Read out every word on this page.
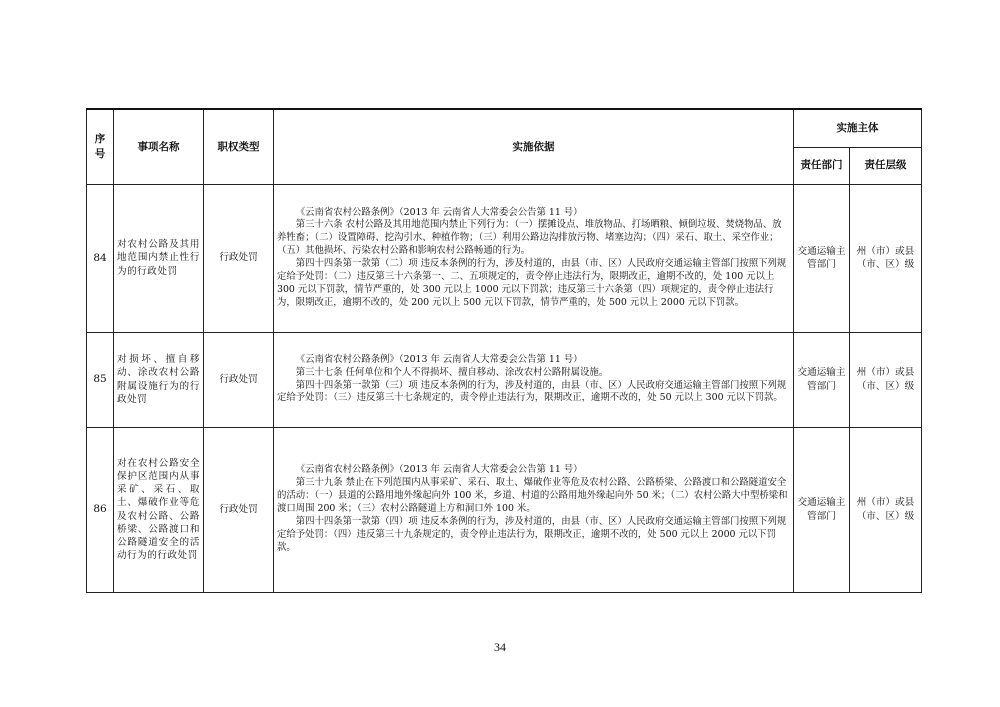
序号	事项名称	职权类型	实施依据	实施主体	
				责任部门	责任层级
84	对农村公路及其用地范围内禁止性行为的行政处罚	行政处罚	《云南省农村公路条例》（2013 年 云南省人大常委会公告第 11 号）

第三十六条 农村公路及其用地范围内禁止下列行为：（一）摆摊设点、堆放物品、打场晒粮、倾倒垃圾、焚烧物品、放养牲畜；（二）设置障碍、挖沟引水、种植作物；（三）利用公路边沟排放污物、堵塞边沟；（四）采石、取土、采空作业；（五）其他损坏、污染农村公路和影响农村公路畅通的行为。

第四十四条第一款第（二）项 违反本条例的行为，涉及村道的，由县（市、区）人民政府交通运输主管部门按照下列规定给予处罚：（二）违反第三十六条第一、二、五项规定的，责令停止违法行为，限期改正，逾期不改的，处 100 元以上 300 元以下罚款，情节严重的，处 300 元以上 1000 元以下罚款；违反第三十六条第（四）项规定的，责令停止违法行为，限期改正，逾期不改的，处 200 元以上 500 元以下罚款，情节严重的，处 500 元以上 2000 元以下罚款。	交通运输主管部门	州（市）或县（市、区）级
85	对损坏、擅自移动、涂改农村公路附属设施行为的行政处罚	行政处罚	《云南省农村公路条例》（2013 年 云南省人大常委会公告第 11 号）

第三十七条 任何单位和个人不得损坏、擅自移动、涂改农村公路附属设施。

第四十四条第一款第（三）项 违反本条例的行为，涉及村道的，由县（市、区）人民政府交通运输主管部门按照下列规定给予处罚：（三）违反第三十七条规定的，责令停止违法行为，限期改正，逾期不改的，处 50 元以上 300 元以下罚款。	交通运输主管部门	州（市）或县（市、区）级
86	对在农村公路安全保护区范围内从事采矿、采石、取土、爆破作业等危及农村公路、公路桥梁、公路渡口和公路隧道安全的活动行为的行政处罚	行政处罚	《云南省农村公路条例》（2013 年 云南省人大常委会公告第 11 号）

第三十九条 禁止在下列范围内从事采矿、采石、取土、爆破作业等危及农村公路、公路桥梁、公路渡口和公路隧道安全的活动：（一）县道的公路用地外缘起向外 100 米，乡道、村道的公路用地外缘起向外 50 米；（二）农村公路大中型桥梁和渡口周围 200 米；（三）农村公路隧道上方和洞口外 100 米。

第四十四条第一款第（四）项 违反本条例的行为，涉及村道的，由县（市、区）人民政府交通运输主管部门按照下列规定给予处罚：（四）违反第三十九条规定的，责令停止违法行为，限期改正，逾期不改的，处 500 元以上 2000 元以下罚款。	交通运输主管部门	州（市）或县（市、区）级
34
